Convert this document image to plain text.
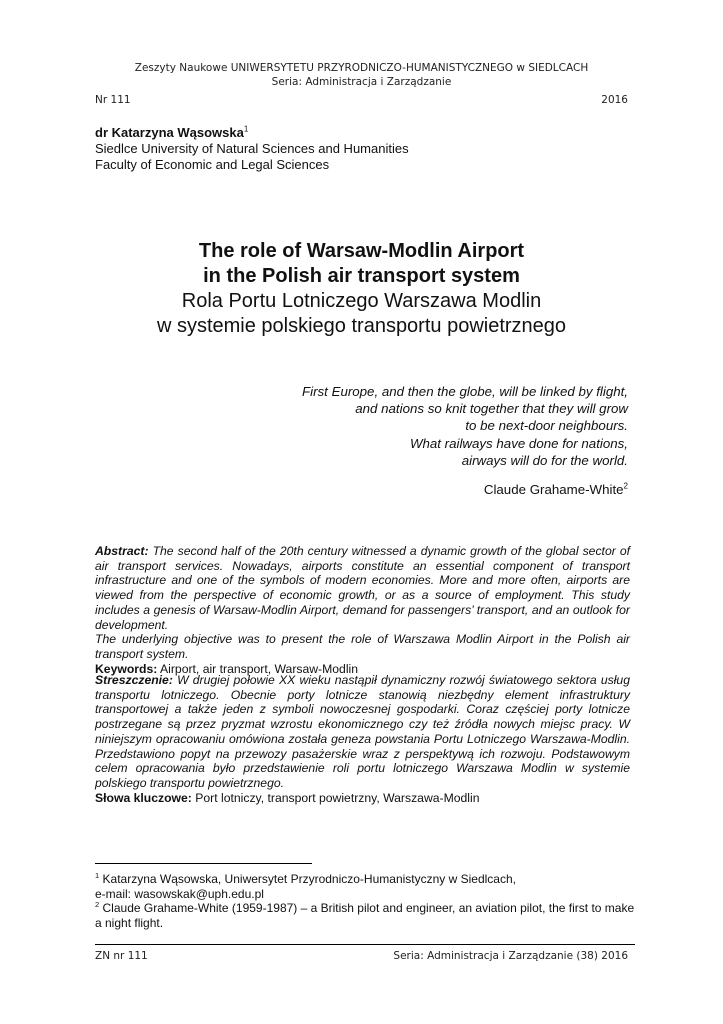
Zeszyty Naukowe UNIWERSYTETU PRZYRODNICZO-HUMANISTYCZNEGO w SIEDLCACH
Seria: Administracja i Zarządzanie
Nr 111	2016
dr Katarzyna Wąsowska$^1$
Siedlce University of Natural Sciences and Humanities
Faculty of Economic and Legal Sciences
The role of Warsaw-Modlin Airport
in the Polish air transport system
Rola Portu Lotniczego Warszawa Modlin
w systemie polskiego transportu powietrznego
First Europe, and then the globe, will be linked by flight,
and nations so knit together that they will grow
to be next-door neighbours.
What railways have done for nations,
airways will do for the world.
Claude Grahame-White$^2$
Abstract: The second half of the 20th century witnessed a dynamic growth of the global sector of air transport services. Nowadays, airports constitute an essential component of transport infrastructure and one of the symbols of modern economies. More and more often, airports are viewed from the perspective of economic growth, or as a source of employment. This study includes a genesis of Warsaw-Modlin Airport, demand for passengers’ transport, and an outlook for development.
The underlying objective was to present the role of Warszawa Modlin Airport in the Polish air transport system.
Keywords: Airport, air transport, Warsaw-Modlin
Streszczenie: W drugiej połowie XX wieku nastąpił dynamiczny rozwój światowego sektora usług transportu lotniczego. Obecnie porty lotnicze stanowią niezbędny element infrastruktury transportowej a także jeden z symboli nowoczesnej gospodarki. Coraz częściej porty lotnicze postrzegane są przez pryzmat wzrostu ekonomicznego czy też źródła nowych miejsc pracy. W niniejszym opracowaniu omówiona została geneza powstania Portu Lotniczego Warszawa-Modlin. Przedstawiono popyt na przewozy pasażerskie wraz z perspektywą ich rozwoju. Podstawowym celem opracowania było przedstawienie roli portu lotniczego Warszawa Modlin w systemie polskiego transportu powietrznego.
Słowa kluczowe: Port lotniczy, transport powietrzny, Warszawa-Modlin
$^1$ Katarzyna Wąsowska, Uniwersytet Przyrodniczo-Humanistyczny w Siedlcach,
e-mail: wasowskak@uph.edu.pl
$^2$ Claude Grahame-White (1959-1987) – a British pilot and engineer, an aviation pilot, the first to make a night flight.
ZN nr 111	Seria: Administracja i Zarządzanie (38) 2016
